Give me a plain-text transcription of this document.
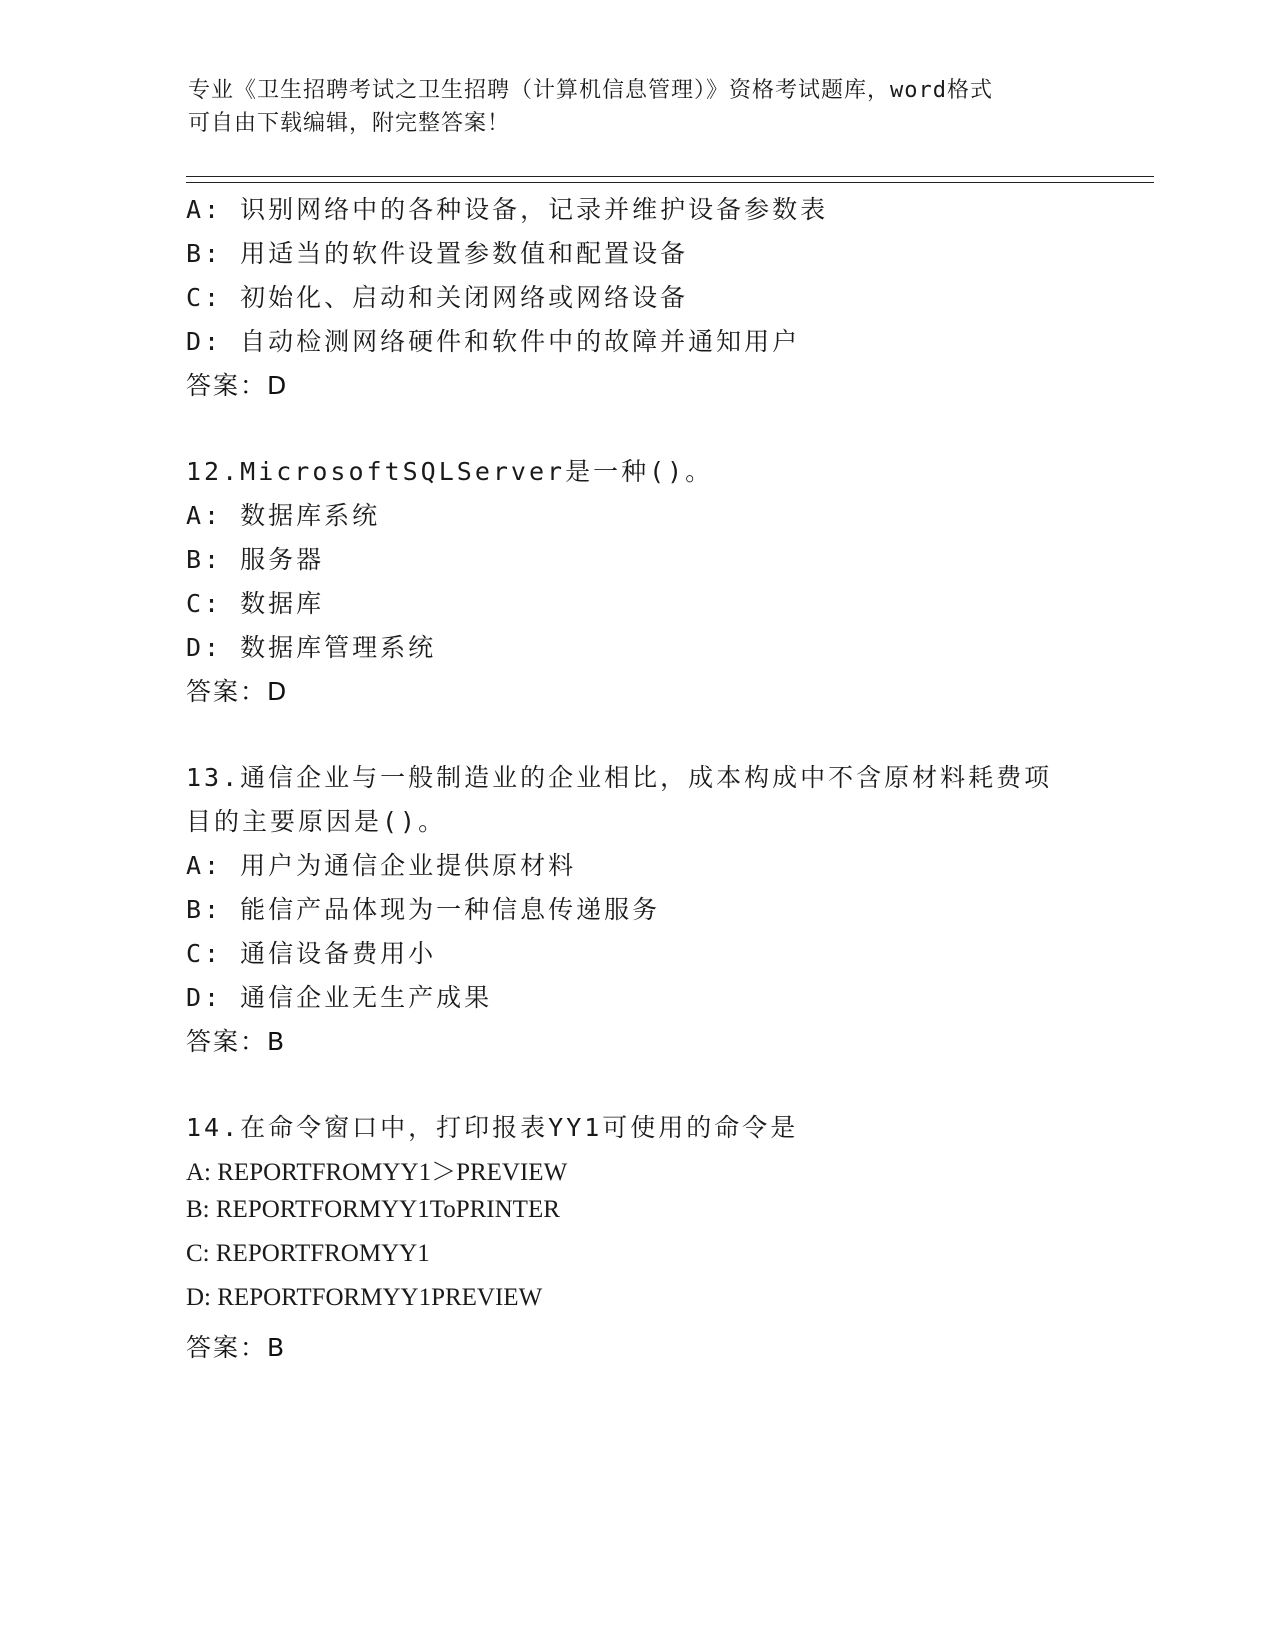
专业《卫生招聘考试之卫生招聘（计算机信息管理）》资格考试题库，word格式
可自由下载编辑，附完整答案！
A: 识别网络中的各种设备，记录并维护设备参数表
B: 用适当的软件设置参数值和配置设备
C: 初始化、启动和关闭网络或网络设备
D: 自动检测网络硬件和软件中的故障并通知用户
答案：D
12.MicrosoftSQLServer是一种()。
A: 数据库系统
B: 服务器
C: 数据库
D: 数据库管理系统
答案：D
13.通信企业与一般制造业的企业相比，成本构成中不含原材料耗费项
目的主要原因是()。
A: 用户为通信企业提供原材料
B: 能信产品体现为一种信息传递服务
C: 通信设备费用小
D: 通信企业无生产成果
答案：B
14.在命令窗口中，打印报表YY1可使用的命令是
A: REPORTFROMYY1＞PREVIEW
B: REPORTFORMYY1ToPRINTER
C: REPORTFROMYY1
D: REPORTFORMYY1PREVIEW
答案：B
